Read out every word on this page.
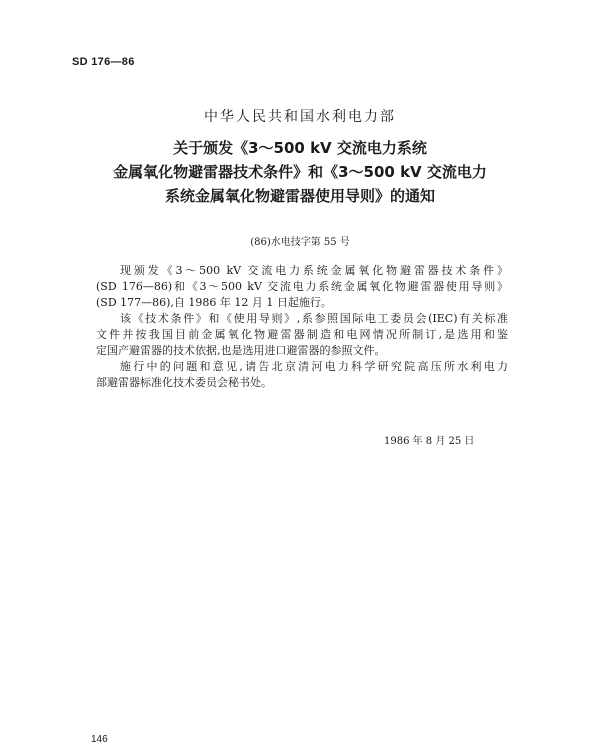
SD 176—86
中华人民共和国水利电力部
关于颁发《3～500 kV 交流电力系统
金属氧化物避雷器技术条件》和《3～500 kV 交流电力
系统金属氧化物避雷器使用导则》的通知
(86)水电技字第 55 号
现颁发《3～500 kV 交流电力系统金属氧化物避雷器技术条件》
(SD 176—86)和《3～500 kV 交流电力系统金属氧化物避雷器使用导则》
(SD 177—86),自 1986 年 12 月 1 日起施行。
该《技术条件》和《使用导则》,系参照国际电工委员会(IEC)有关标准
文件并按我国目前金属氧化物避雷器制造和电网情况所制订,是选用和鉴
定国产避雷器的技术依据,也是选用进口避雷器的参照文件。
施行中的问题和意见,请告北京清河电力科学研究院高压所水利电力
部避雷器标准化技术委员会秘书处。
1986 年 8 月 25 日
146
